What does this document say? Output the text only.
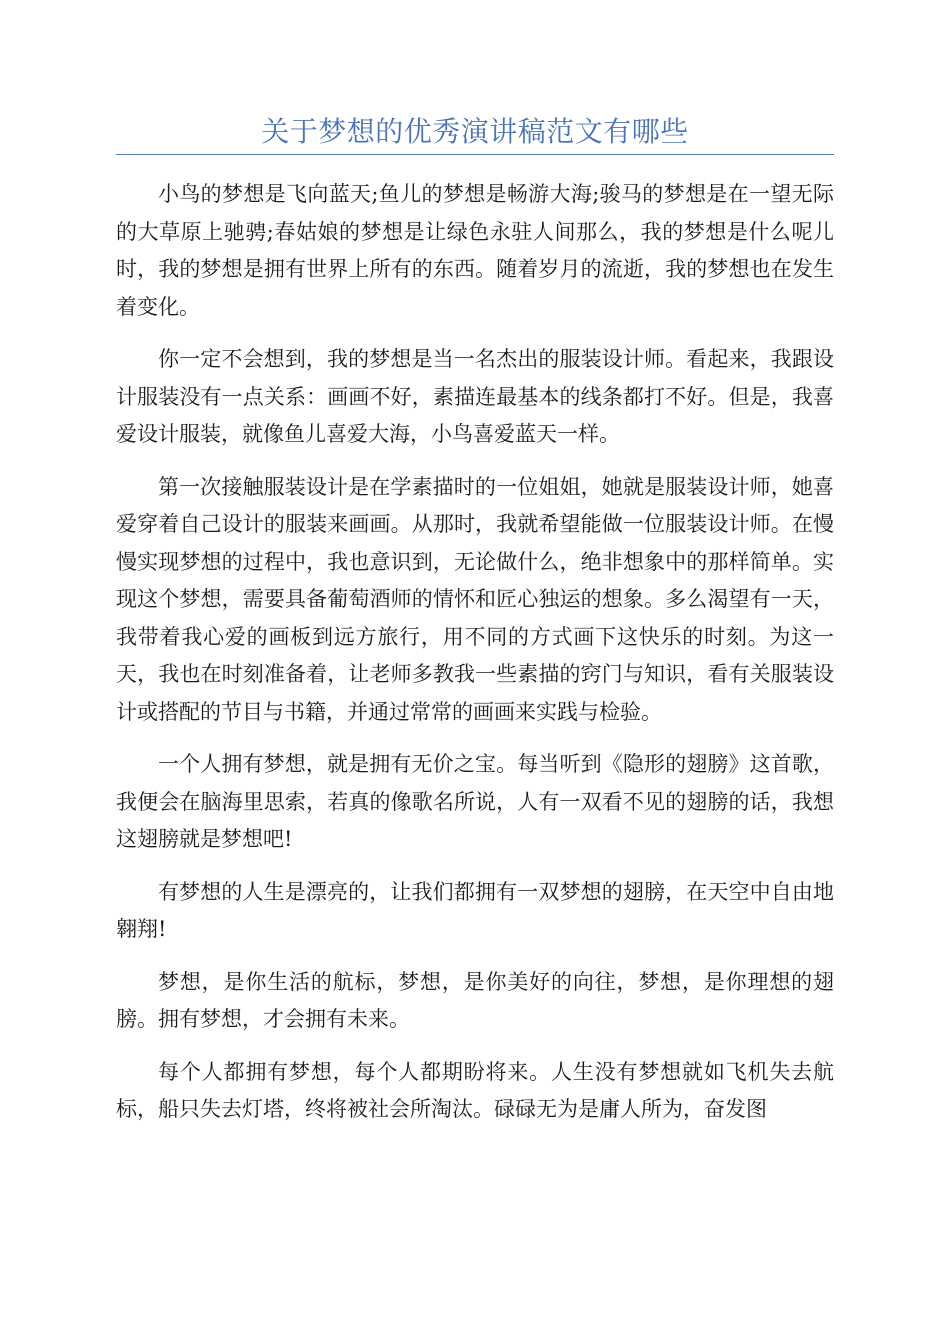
关于梦想的优秀演讲稿范文有哪些

小鸟的梦想是飞向蓝天;鱼儿的梦想是畅游大海;骏马的梦想是在一望无际的大草原上驰骋;春姑娘的梦想是让绿色永驻人间那么，我的梦想是什么呢儿时，我的梦想是拥有世界上所有的东西。随着岁月的流逝，我的梦想也在发生着变化。

你一定不会想到，我的梦想是当一名杰出的服装设计师。看起来，我跟设计服装没有一点关系：画画不好，素描连最基本的线条都打不好。但是，我喜爱设计服装，就像鱼儿喜爱大海，小鸟喜爱蓝天一样。

第一次接触服装设计是在学素描时的一位姐姐，她就是服装设计师，她喜爱穿着自己设计的服装来画画。从那时，我就希望能做一位服装设计师。在慢慢实现梦想的过程中，我也意识到，无论做什么，绝非想象中的那样简单。实现这个梦想，需要具备葡萄酒师的情怀和匠心独运的想象。多么渴望有一天，我带着我心爱的画板到远方旅行，用不同的方式画下这快乐的时刻。为这一天，我也在时刻准备着，让老师多教我一些素描的窍门与知识，看有关服装设计或搭配的节目与书籍，并通过常常的画画来实践与检验。

一个人拥有梦想，就是拥有无价之宝。每当听到《隐形的翅膀》这首歌，我便会在脑海里思索，若真的像歌名所说，人有一双看不见的翅膀的话，我想这翅膀就是梦想吧!

有梦想的人生是漂亮的，让我们都拥有一双梦想的翅膀，在天空中自由地翱翔!

梦想，是你生活的航标，梦想，是你美好的向往，梦想，是你理想的翅膀。拥有梦想，才会拥有未来。

每个人都拥有梦想，每个人都期盼将来。人生没有梦想就如飞机失去航标，船只失去灯塔，终将被社会所淘汰。碌碌无为是庸人所为，奋发图
